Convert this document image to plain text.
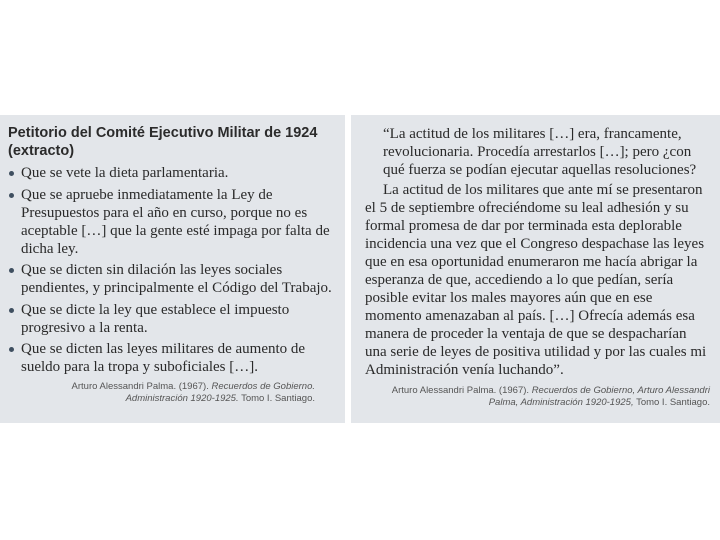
Petitorio del Comité Ejecutivo Militar de 1924
(extracto)
Que se vete la dieta parlamentaria.
Que se apruebe inmediatamente la Ley de Presupuestos para el año en curso, porque no es aceptable […] que la gente esté impaga por falta de dicha ley.
Que se dicten sin dilación las leyes sociales pendientes, y principalmente el Código del Trabajo.
Que se dicte la ley que establece el impuesto progresivo a la renta.
Que se dicten las leyes militares de aumento de sueldo para la tropa y suboficiales […].
Arturo Alessandri Palma. (1967). Recuerdos de Gobierno. Administración 1920-1925. Tomo I. Santiago.

“La actitud de los militares […] era, francamente, revolucionaria. Procedía arrestarlos […]; pero ¿con qué fuerza se podían ejecutar aquellas resoluciones?

La actitud de los militares que ante mí se presentaron el 5 de septiembre ofreciéndome su leal adhesión y su formal promesa de dar por terminada esta deplorable incidencia una vez que el Congreso despachase las leyes que en esa oportunidad enumeraron me hacía abrigar la esperanza de que, accediendo a lo que pedían, sería posible evitar los males mayores aún que en ese momento amenazaban al país. […] Ofrecía además esa manera de proceder la ventaja de que se despacharían una serie de leyes de positiva utilidad y por las cuales mi Administración venía luchando”.

Arturo Alessandri Palma. (1967). Recuerdos de Gobierno, Arturo Alessandri Palma, Administración 1920-1925, Tomo I. Santiago.
